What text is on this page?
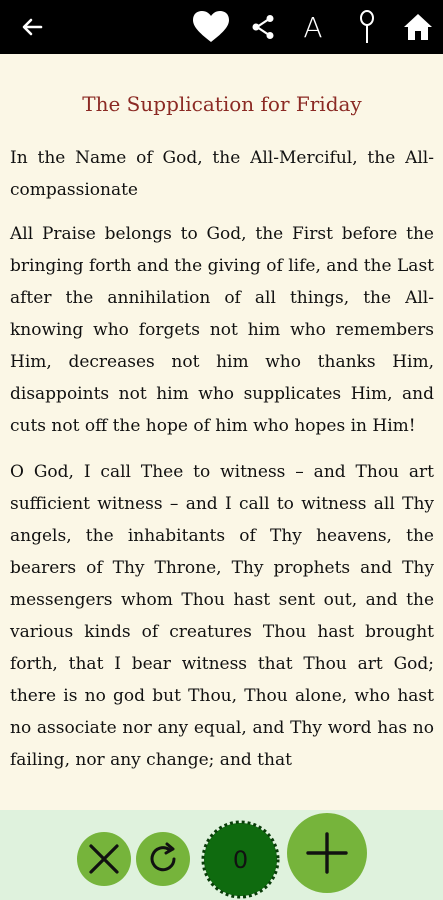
A
The Supplication for Friday

In the Name of God, the All-Merciful, the All-compassionate

All Praise belongs to God, the First before the bringing forth and the giving of life, and the Last after the annihilation of all things, the All-knowing who forgets not him who remembers Him, decreases not him who thanks Him, disappoints not him who supplicates Him, and cuts not off the hope of him who hopes in Him!

O God, I call Thee to witness – and Thou art sufficient witness – and I call to witness all Thy angels, the inhabitants of Thy heavens, the bearers of Thy Throne, Thy prophets and Thy messengers whom Thou hast sent out, and the various kinds of creatures Thou hast brought forth, that I bear witness that Thou art God; there is no god but Thou, Thou alone, who hast no associate nor any equal, and Thy word has no failing, nor any change; and that

0
